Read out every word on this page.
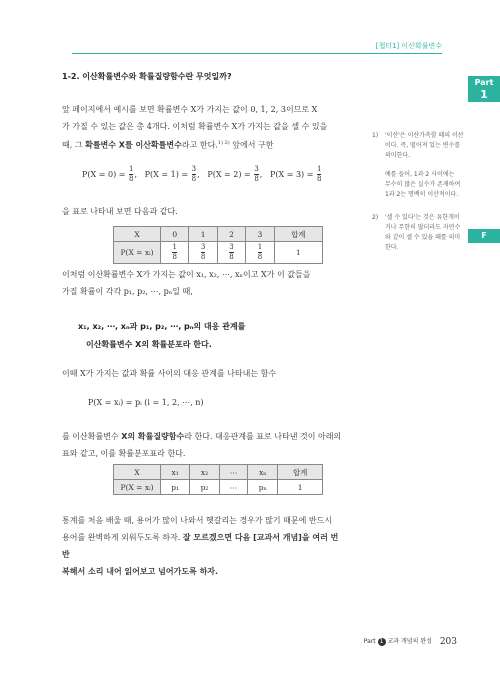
[챕터1] 이산확률변수
Part
1
F
1-2. 이산확률변수와 확률질량함수란 무엇일까?
앞 페이지에서 예시를 보면 확률변수 X가 가지는 값이 0, 1, 2, 3이므로 X
가 가질 수 있는 값은 총 4개다. 이처럼 확률변수 X가 가지는 값을 셀 수 있을
때, 그 확률변수 X를 이산확률변수라고 한다.$^{1) 2)}$ 앞에서 구한
$P(X = 0) = \frac{1}{8}$ ,   $P(X = 1) = \frac{3}{8}$ ,   $P(X = 2) = \frac{3}{8}$ ,   $P(X = 3) = \frac{1}{8}$
을 표로 나타내 보면 다음과 같다.
X	0	1	2	3	합계
P(X = xᵢ)	$\frac{1}{8}$	$\frac{3}{8}$	$\frac{3}{8}$	$\frac{1}{8}$	1
이처럼 이산확률변수 X가 가지는 값이 x₁, x₂, ⋯, xₙ이고 X가 이 값들을
가질 확률이 각각 p₁, p₂, ⋯, pₙ일 때,
x₁, x₂, ⋯, xₙ과 p₁, p₂, ⋯, pₙ의 대응 관계를
이산확률변수 X의 확률분포라 한다.
이때 X가 가지는 값과 확률 사이의 대응 관계를 나타내는 함수
P(X = xᵢ) = pᵢ (i = 1, 2, ⋯, n)
를 이산확률변수 X의 확률질량함수라 한다. 대응관계를 표로 나타낸 것이 아래의
표와 같고, 이를 확률분포표라 한다.
X	x₁	x₂	⋯	xₙ	합계
P(X = xᵢ)	p₁	p₂	⋯	pₙ	1
통계를 처음 배울 때, 용어가 많이 나와서 헷갈리는 경우가 많기 때문에 반드시
용어를 완벽하게 외워두도록 하자. 잘 모르겠으면 다음 [교과서 개념]을 여러 번 반
복해서 소리 내어 읽어보고 넘어가도록 하자.
1) '이산'은 이산가측할 때의 이산
이다. 즉, 떨어져 있는 변수를
의미한다.
예를 들어, 1과 2 사이에는
무수히 많은 실수가 존재하여
1과 2는 명백히 이산적이다.
2) '셀 수 있다'는 것은 유한개이
거나 무한히 많더라도 자연수
와 같이 셀 수 있을 때를 의미
한다.
Part 1 교과 개념의 완성 203
